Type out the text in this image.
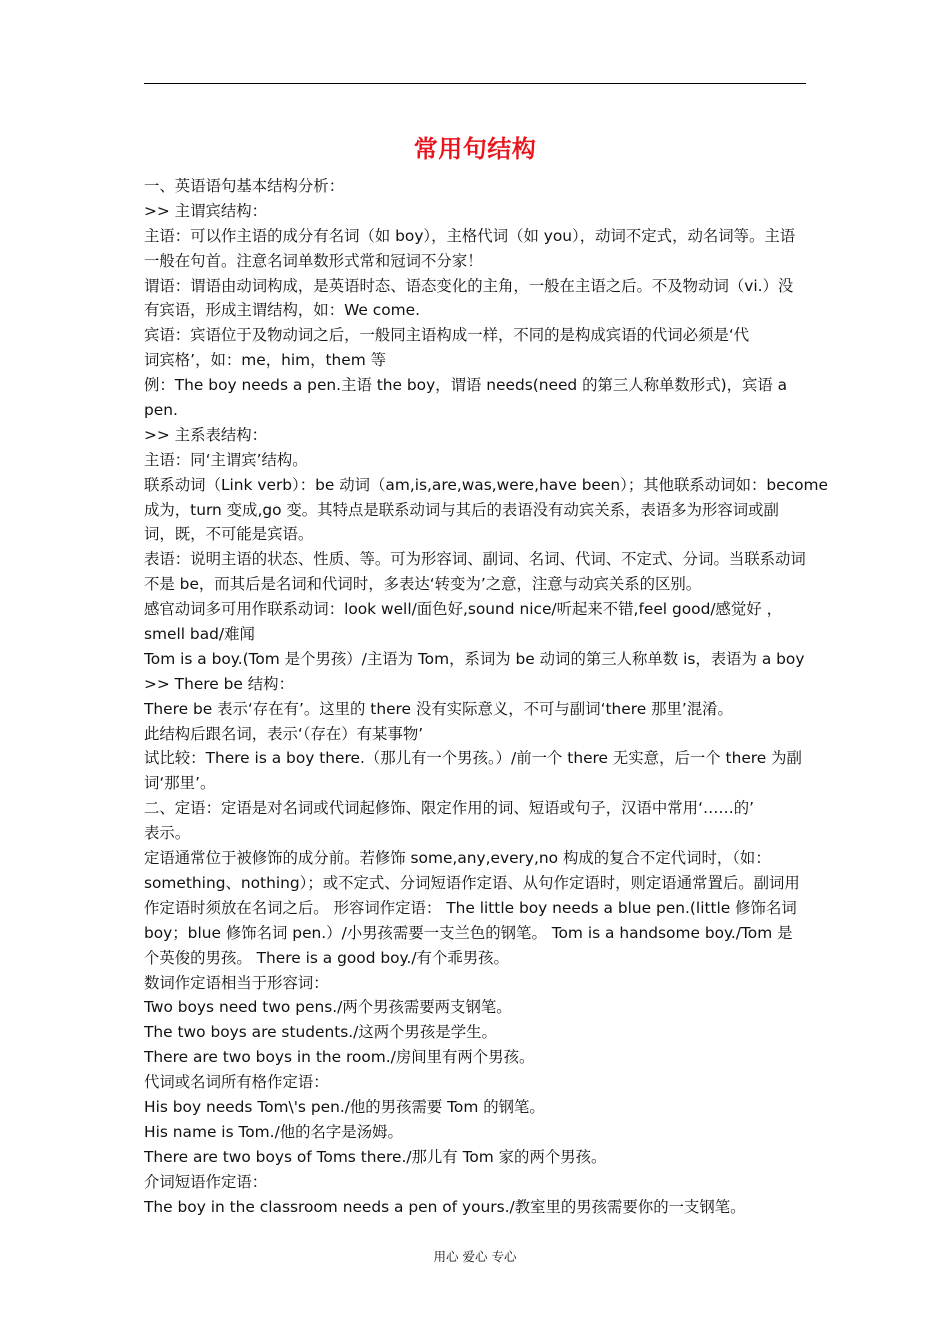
常用句结构
一、英语语句基本结构分析：
>> 主谓宾结构：
主语：可以作主语的成分有名词（如 boy），主格代词（如 you），动词不定式，动名词等。主语
一般在句首。注意名词单数形式常和冠词不分家！
谓语：谓语由动词构成，是英语时态、语态变化的主角，一般在主语之后。不及物动词（vi.）没
有宾语，形成主谓结构，如：We come.
宾语：宾语位于及物动词之后，一般同主语构成一样，不同的是构成宾语的代词必须是‘代
词宾格’，如：me，him，them 等
例：The boy needs a pen.主语 the boy，谓语 needs(need 的第三人称单数形式)，宾语 a
pen.
>> 主系表结构：
主语：同‘主谓宾’结构。
联系动词（Link verb）：be 动词（am,is,are,was,were,have been）；其他联系动词如：become
成为，turn 变成,go 变。其特点是联系动词与其后的表语没有动宾关系，表语多为形容词或副
词，既，不可能是宾语。
表语：说明主语的状态、性质、等。可为形容词、副词、名词、代词、不定式、分词。当联系动词
不是 be，而其后是名词和代词时，多表达‘转变为’之意，注意与动宾关系的区别。
感官动词多可用作联系动词：look well/面色好,sound nice/听起来不错,feel good/感觉好 ，
smell bad/难闻
Tom is a boy.(Tom 是个男孩）/主语为 Tom，系词为 be 动词的第三人称单数 is，表语为 a boy
>> There be 结构：
There be 表示‘存在有’。这里的 there 没有实际意义，不可与副词‘there 那里’混淆。
此结构后跟名词，表示‘（存在）有某事物’
试比较：There is a boy there.（那儿有一个男孩。）/前一个 there 无实意，后一个 there 为副
词‘那里’。
二、定语：定语是对名词或代词起修饰、限定作用的词、短语或句子，汉语中常用‘……的’
表示。
定语通常位于被修饰的成分前。若修饰 some,any,every,no 构成的复合不定代词时，（如：
something、nothing）；或不定式、分词短语作定语、从句作定语时，则定语通常置后。副词用
作定语时须放在名词之后。 形容词作定语： The little boy needs a blue pen.(little 修饰名词
boy；blue 修饰名词 pen.）/小男孩需要一支兰色的钢笔。 Tom is a handsome boy./Tom 是
个英俊的男孩。 There is a good boy./有个乖男孩。
数词作定语相当于形容词：
Two boys need two pens./两个男孩需要两支钢笔。
The two boys are students./这两个男孩是学生。
There are two boys in the room./房间里有两个男孩。
代词或名词所有格作定语：
His boy needs Tom\'s pen./他的男孩需要 Tom 的钢笔。
His name is Tom./他的名字是汤姆。
There are two boys of Toms there./那儿有 Tom 家的两个男孩。
介词短语作定语：
The boy in the classroom needs a pen of yours./教室里的男孩需要你的一支钢笔。
用心 爱心 专心
